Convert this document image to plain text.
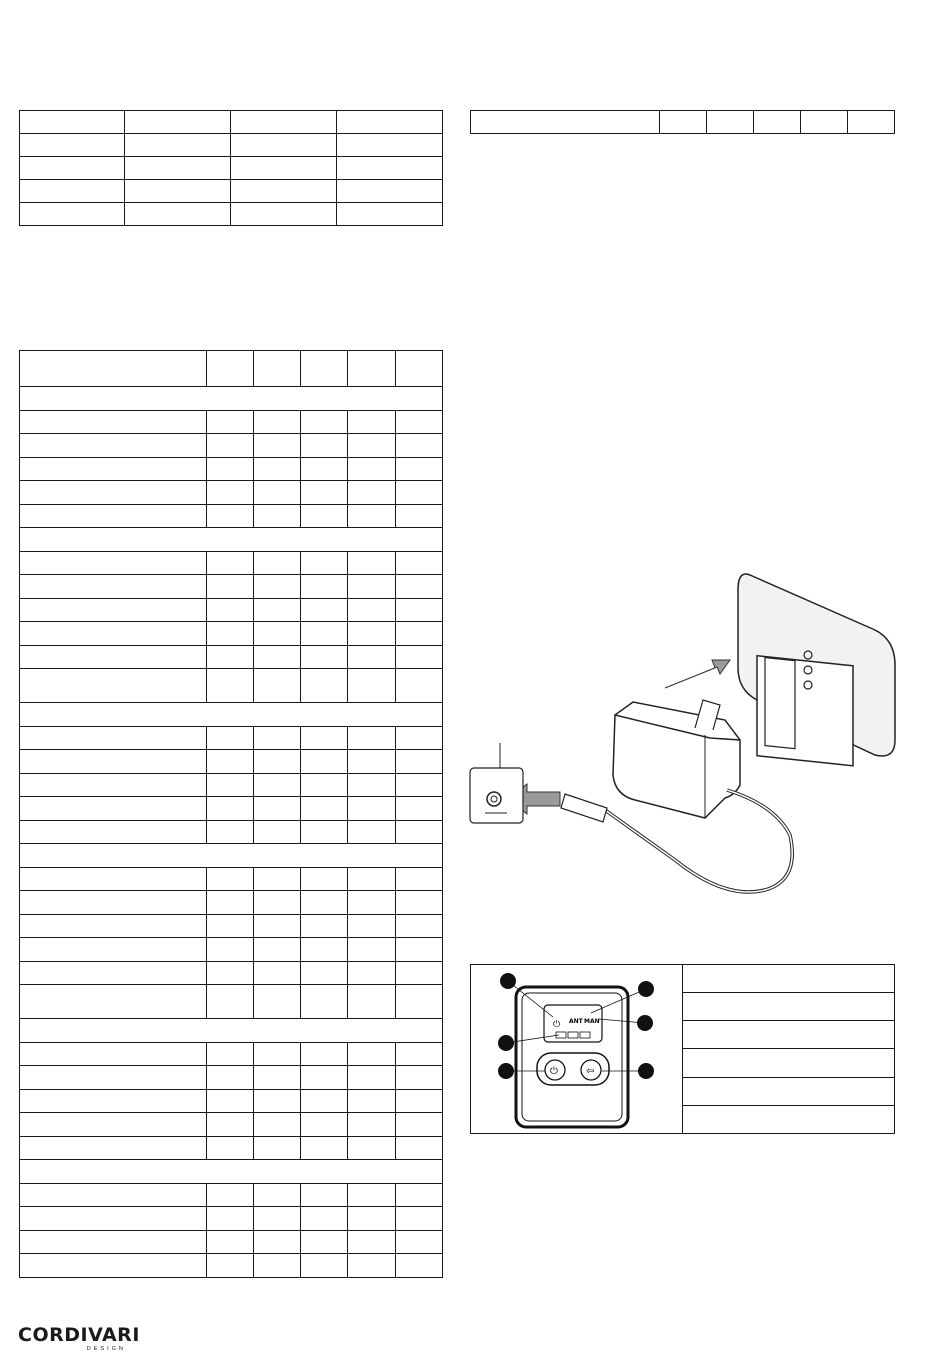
⏻ ANT MAN
⏻	⇦

CORDIVARI
DESIGN
